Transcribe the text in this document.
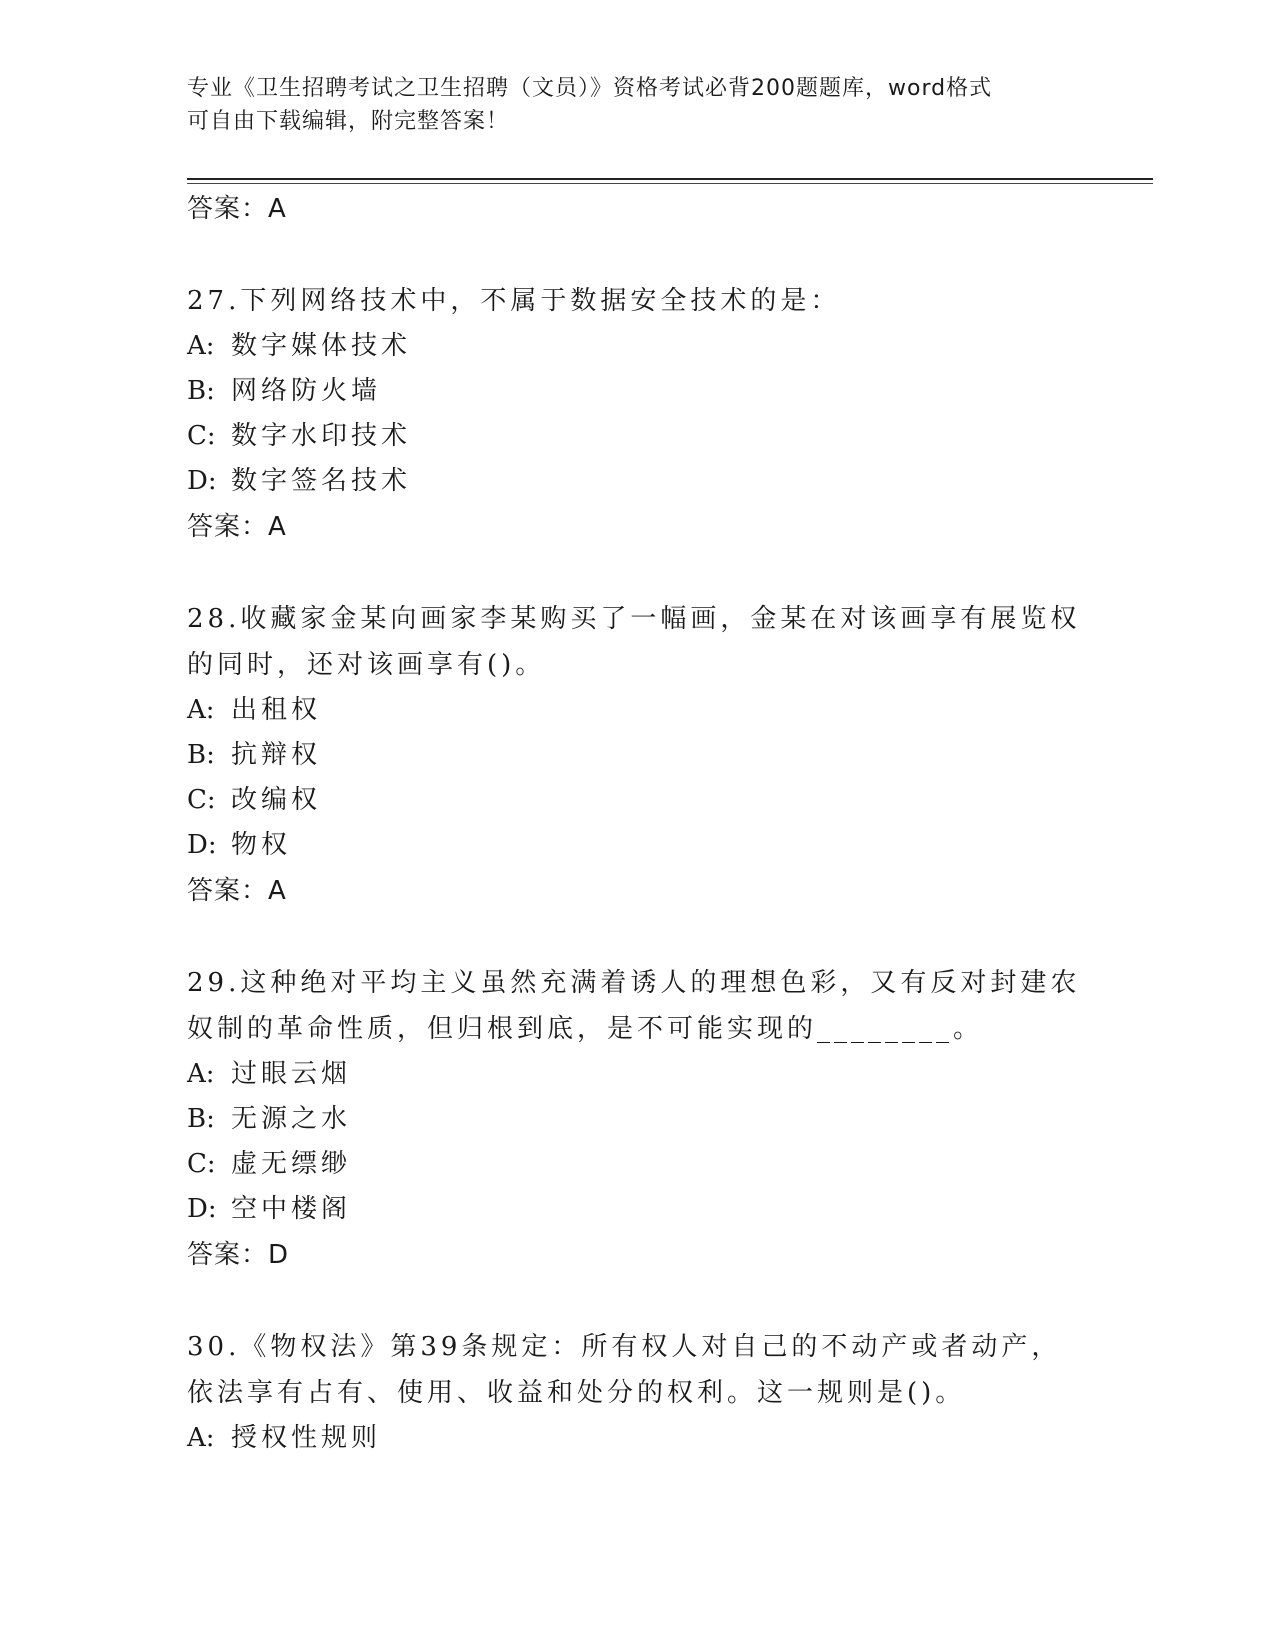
专业《卫生招聘考试之卫生招聘（文员）》资格考试必背200题题库，word格式
可自由下载编辑，附完整答案！
答案：A
27.下列网络技术中，不属于数据安全技术的是：
A: 数字媒体技术
B: 网络防火墙
C: 数字水印技术
D: 数字签名技术
答案：A
28.收藏家金某向画家李某购买了一幅画，金某在对该画享有展览权的同时，还对该画享有()。
A: 出租权
B: 抗辩权
C: 改编权
D: 物权
答案：A
29.这种绝对平均主义虽然充满着诱人的理想色彩，又有反对封建农奴制的革命性质，但归根到底，是不可能实现的________。
A: 过眼云烟
B: 无源之水
C: 虚无缥缈
D: 空中楼阁
答案：D
30.《物权法》第39条规定：所有权人对自己的不动产或者动产，依法享有占有、使用、收益和处分的权利。这一规则是()。
A: 授权性规则
